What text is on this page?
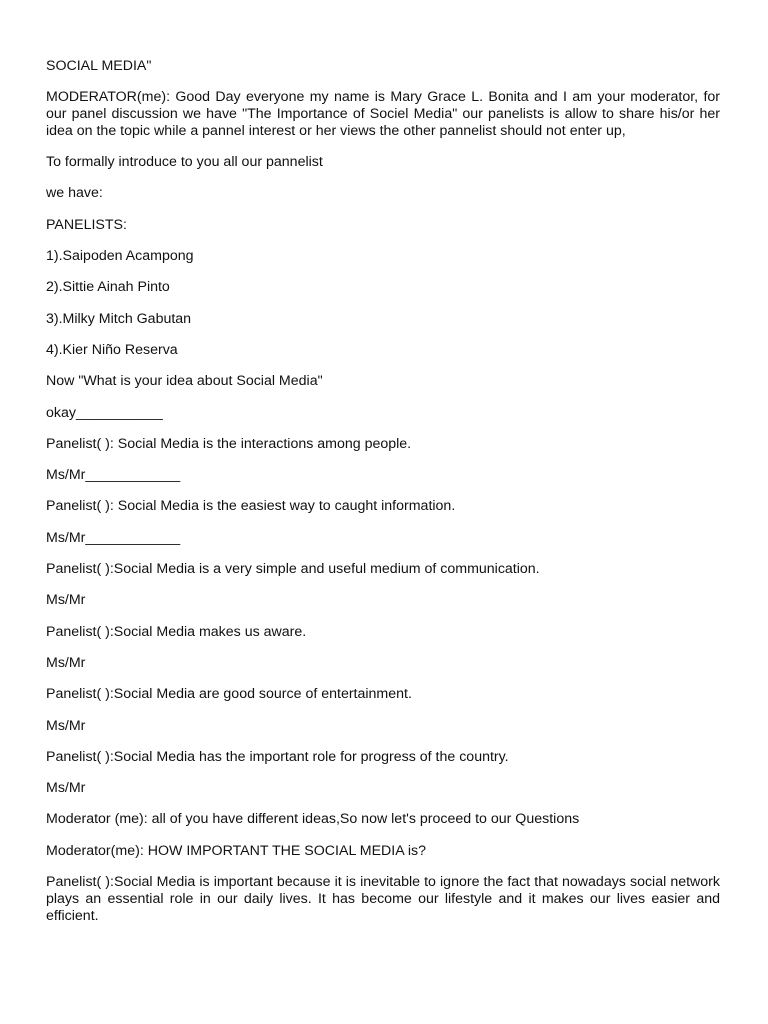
SOCIAL MEDIA"

MODERATOR(me): Good Day everyone my name is Mary Grace L. Bonita and I am your moderator, for our panel discussion we have "The Importance of Sociel Media" our panelists is allow to share his/or her idea on the topic while a pannel interest or her views the other pannelist should not enter up,

To formally introduce to you all our pannelist

we have:

PANELISTS:

1).Saipoden Acampong

2).Sittie Ainah Pinto

3).Milky Mitch Gabutan

4).Kier Niño Reserva

Now "What is your idea about Social Media"

okay___________

Panelist( ): Social Media is the interactions among people.

Ms/Mr____________

Panelist( ): Social Media is the easiest way to caught information.

Ms/Mr____________

Panelist( ):Social Media is a very simple and useful medium of communication.

Ms/Mr

Panelist( ):Social Media makes us aware.

Ms/Mr

Panelist( ):Social Media are good source of entertainment.

Ms/Mr

Panelist( ):Social Media has the important role for progress of the country.

Ms/Mr

Moderator (me): all of you have different ideas,So now let's proceed to our Questions

Moderator(me): HOW IMPORTANT THE SOCIAL MEDIA is?

Panelist( ):Social Media is important because it is inevitable to ignore the fact that nowadays social network plays an essential role in our daily lives. It has become our lifestyle and it makes our lives easier and efficient.
